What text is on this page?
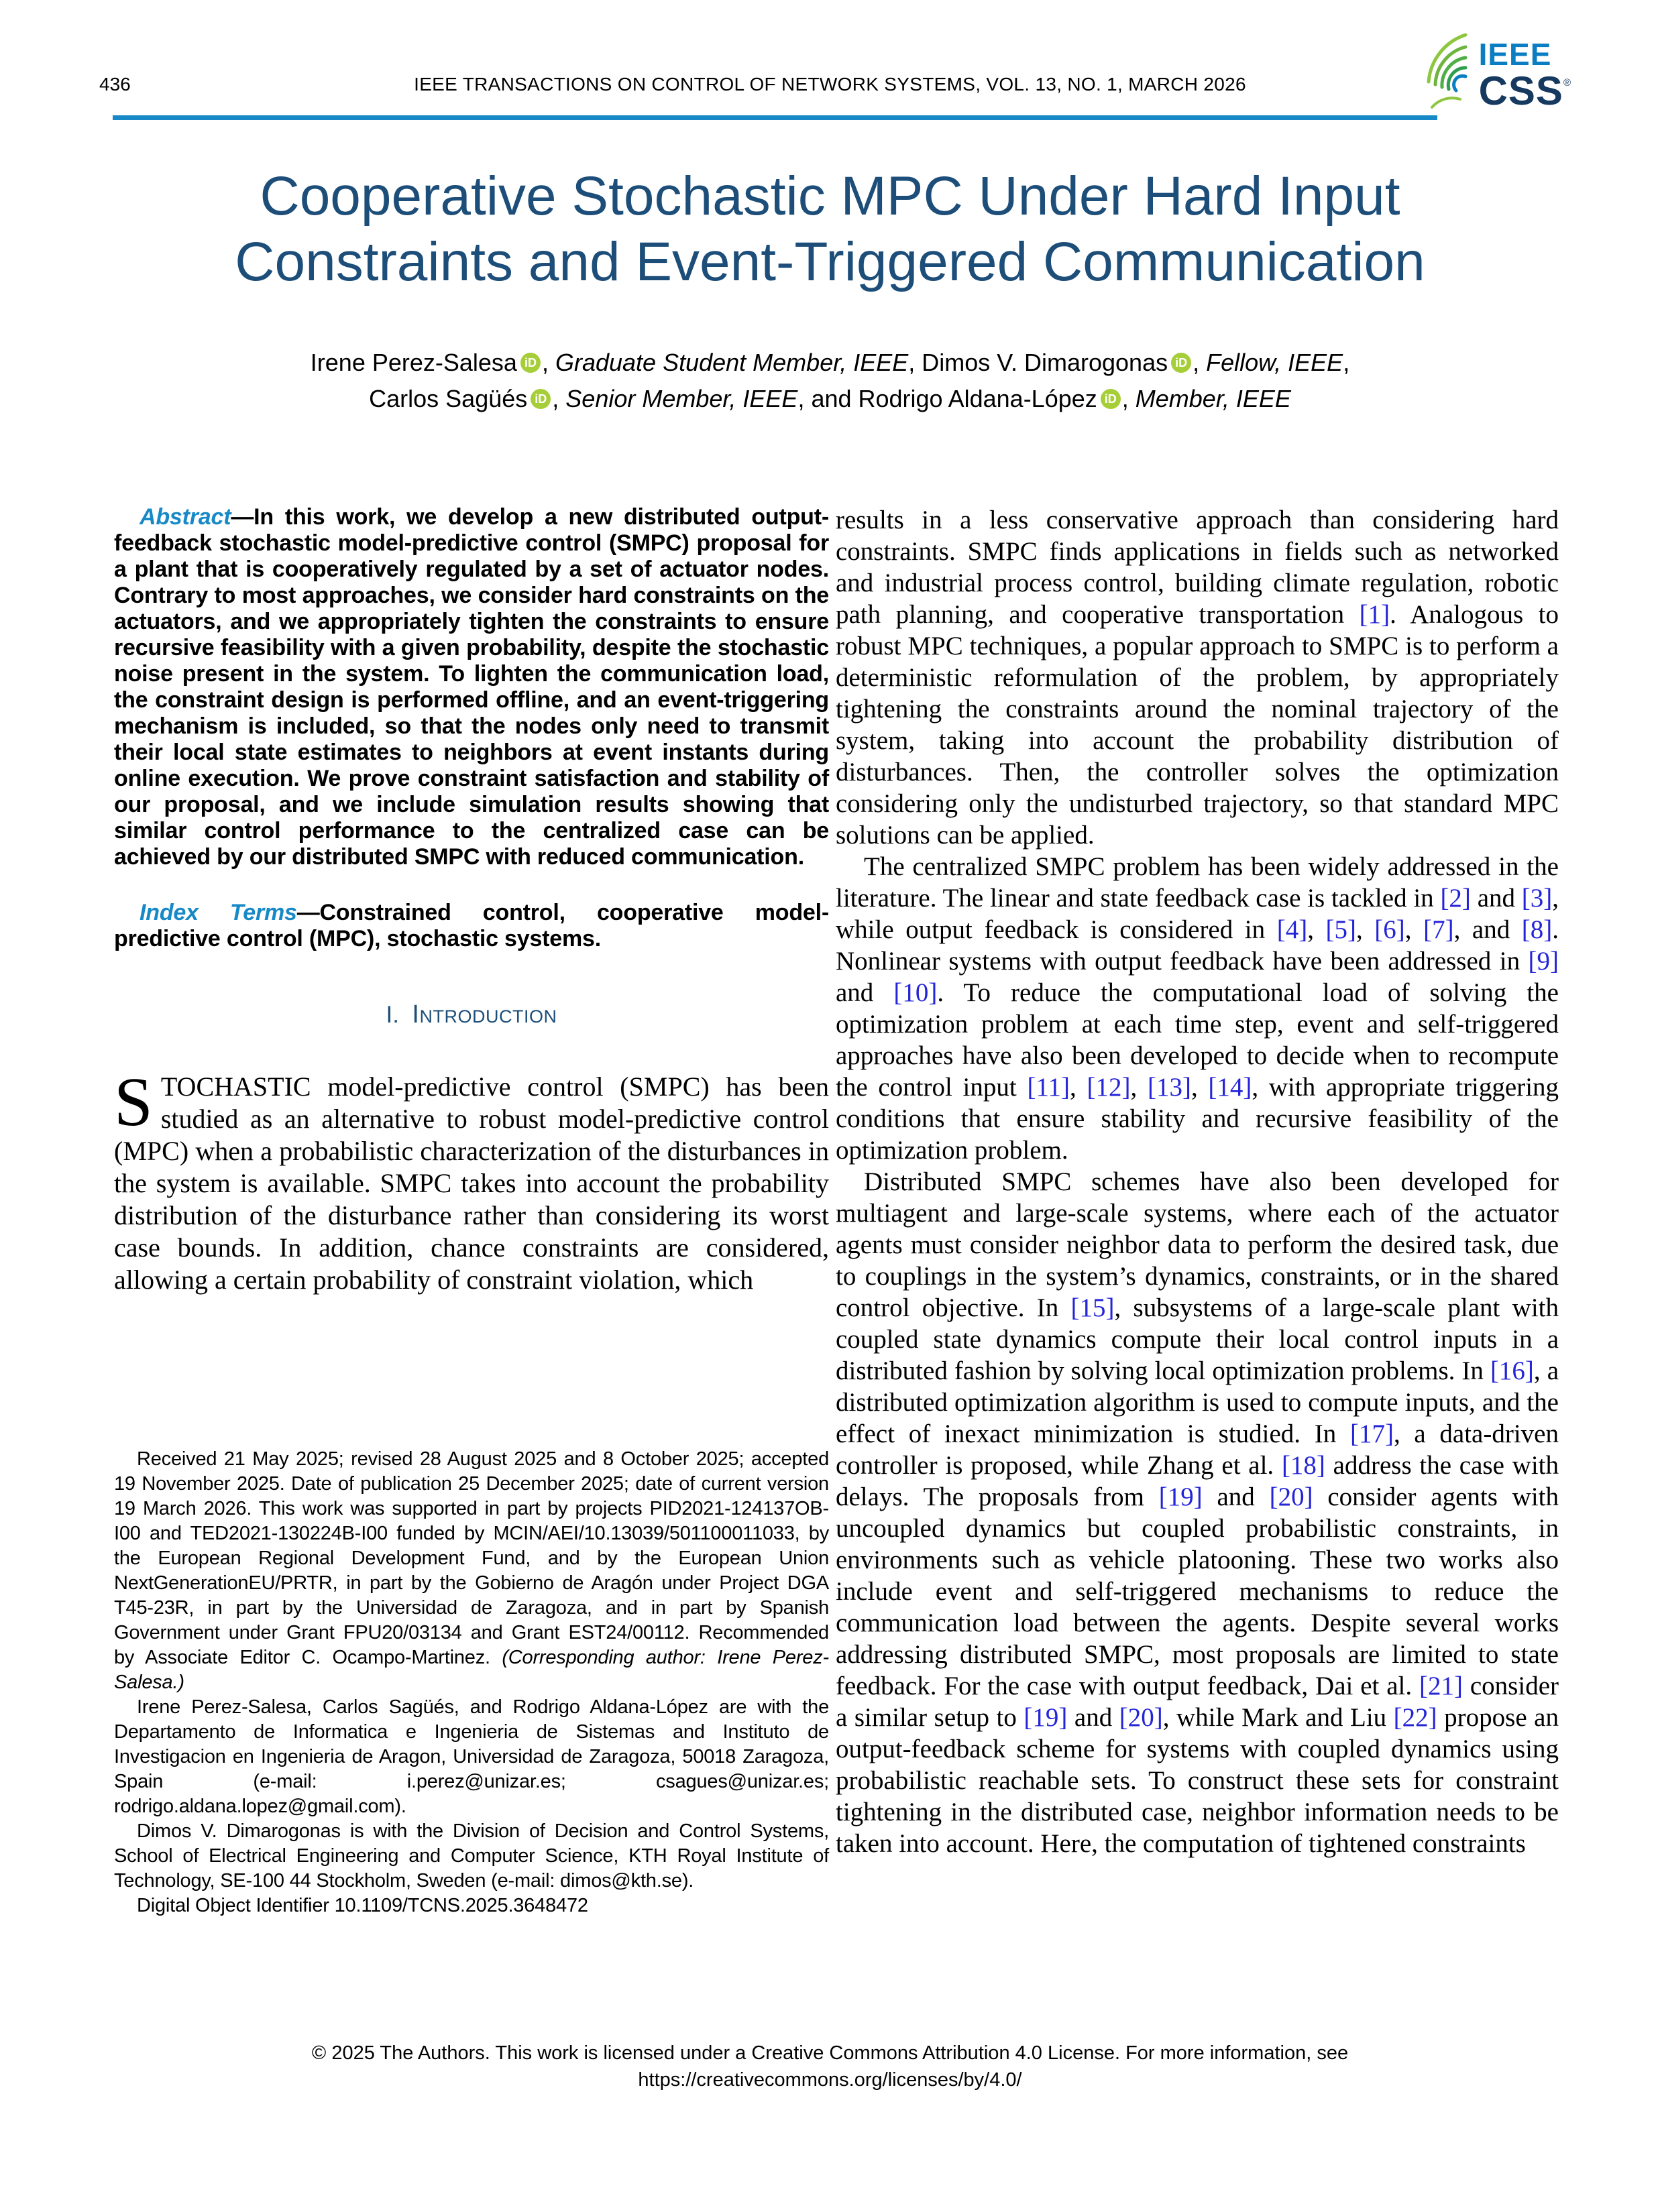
436	IEEE TRANSACTIONS ON CONTROL OF NETWORK SYSTEMS, VOL. 13, NO. 1, MARCH 2026
IEEE
CSS®
Cooperative Stochastic MPC Under Hard Input Constraints and Event-Triggered Communication
Irene Perez-Salesa iD , Graduate Student Member, IEEE, Dimos V. Dimarogonas iD , Fellow, IEEE,
Carlos Sagüés iD , Senior Member, IEEE, and Rodrigo Aldana-López iD , Member, IEEE

Abstract—In this work, we develop a new distributed output-feedback stochastic model-predictive control (SMPC) proposal for a plant that is cooperatively regulated by a set of actuator nodes. Contrary to most approaches, we consider hard constraints on the actuators, and we appropriately tighten the constraints to ensure recursive feasibility with a given probability, despite the stochastic noise present in the system. To lighten the communication load, the constraint design is performed offline, and an event-triggering mechanism is included, so that the nodes only need to transmit their local state estimates to neighbors at event instants during online execution. We prove constraint satisfaction and stability of our proposal, and we include simulation results showing that similar control performance to the centralized case can be achieved by our distributed SMPC with reduced communication.

Index Terms—Constrained control, cooperative model-predictive control (MPC), stochastic systems.

I. Introduction

STOCHASTIC model-predictive control (SMPC) has been studied as an alternative to robust model-predictive control (MPC) when a probabilistic characterization of the disturbances in the system is available. SMPC takes into account the probability distribution of the disturbance rather than considering its worst case bounds. In addition, chance constraints are considered, allowing a certain probability of constraint violation, which

results in a less conservative approach than considering hard constraints. SMPC finds applications in fields such as networked and industrial process control, building climate regulation, robotic path planning, and cooperative transportation [1]. Analogous to robust MPC techniques, a popular approach to SMPC is to perform a deterministic reformulation of the problem, by appropriately tightening the constraints around the nominal trajectory of the system, taking into account the probability distribution of disturbances. Then, the controller solves the optimization considering only the undisturbed trajectory, so that standard MPC solutions can be applied.

The centralized SMPC problem has been widely addressed in the literature. The linear and state feedback case is tackled in [2] and [3], while output feedback is considered in [4], [5], [6], [7], and [8]. Nonlinear systems with output feedback have been addressed in [9] and [10]. To reduce the computational load of solving the optimization problem at each time step, event and self-triggered approaches have also been developed to decide when to recompute the control input [11], [12], [13], [14], with appropriate triggering conditions that ensure stability and recursive feasibility of the optimization problem.

Distributed SMPC schemes have also been developed for multiagent and large-scale systems, where each of the actuator agents must consider neighbor data to perform the desired task, due to couplings in the system’s dynamics, constraints, or in the shared control objective. In [15], subsystems of a large-scale plant with coupled state dynamics compute their local control inputs in a distributed fashion by solving local optimization problems. In [16], a distributed optimization algorithm is used to compute inputs, and the effect of inexact minimization is studied. In [17], a data-driven controller is proposed, while Zhang et al. [18] address the case with delays. The proposals from [19] and [20] consider agents with uncoupled dynamics but coupled probabilistic constraints, in environments such as vehicle platooning. These two works also include event and self-triggered mechanisms to reduce the communication load between the agents. Despite several works addressing distributed SMPC, most proposals are limited to state feedback. For the case with output feedback, Dai et al. [21] consider a similar setup to [19] and [20], while Mark and Liu [22] propose an output-feedback scheme for systems with coupled dynamics using probabilistic reachable sets. To construct these sets for constraint tightening in the distributed case, neighbor information needs to be taken into account. Here, the computation of tightened constraints

Received 21 May 2025; revised 28 August 2025 and 8 October 2025; accepted 19 November 2025. Date of publication 25 December 2025; date of current version 19 March 2026. This work was supported in part by projects PID2021-124137OB-I00 and TED2021-130224B-I00 funded by MCIN/AEI/10.13039/501100011033, by the European Regional Development Fund, and by the European Union NextGenerationEU/PRTR, in part by the Gobierno de Aragón under Project DGA T45-23R, in part by the Universidad de Zaragoza, and in part by Spanish Government under Grant FPU20/03134 and Grant EST24/00112. Recommended by Associate Editor C. Ocampo-Martinez. (Corresponding author: Irene Perez-Salesa.)

Irene Perez-Salesa, Carlos Sagüés, and Rodrigo Aldana-López are with the Departamento de Informatica e Ingenieria de Sistemas and Instituto de Investigacion en Ingenieria de Aragon, Universidad de Zaragoza, 50018 Zaragoza, Spain (e-mail: i.perez@unizar.es; csagues@unizar.es; rodrigo.aldana.lopez@gmail.com).

Dimos V. Dimarogonas is with the Division of Decision and Control Systems, School of Electrical Engineering and Computer Science, KTH Royal Institute of Technology, SE-100 44 Stockholm, Sweden (e-mail: dimos@kth.se).

Digital Object Identifier 10.1109/TCNS.2025.3648472

© 2025 The Authors. This work is licensed under a Creative Commons Attribution 4.0 License. For more information, see
https://creativecommons.org/licenses/by/4.0/
